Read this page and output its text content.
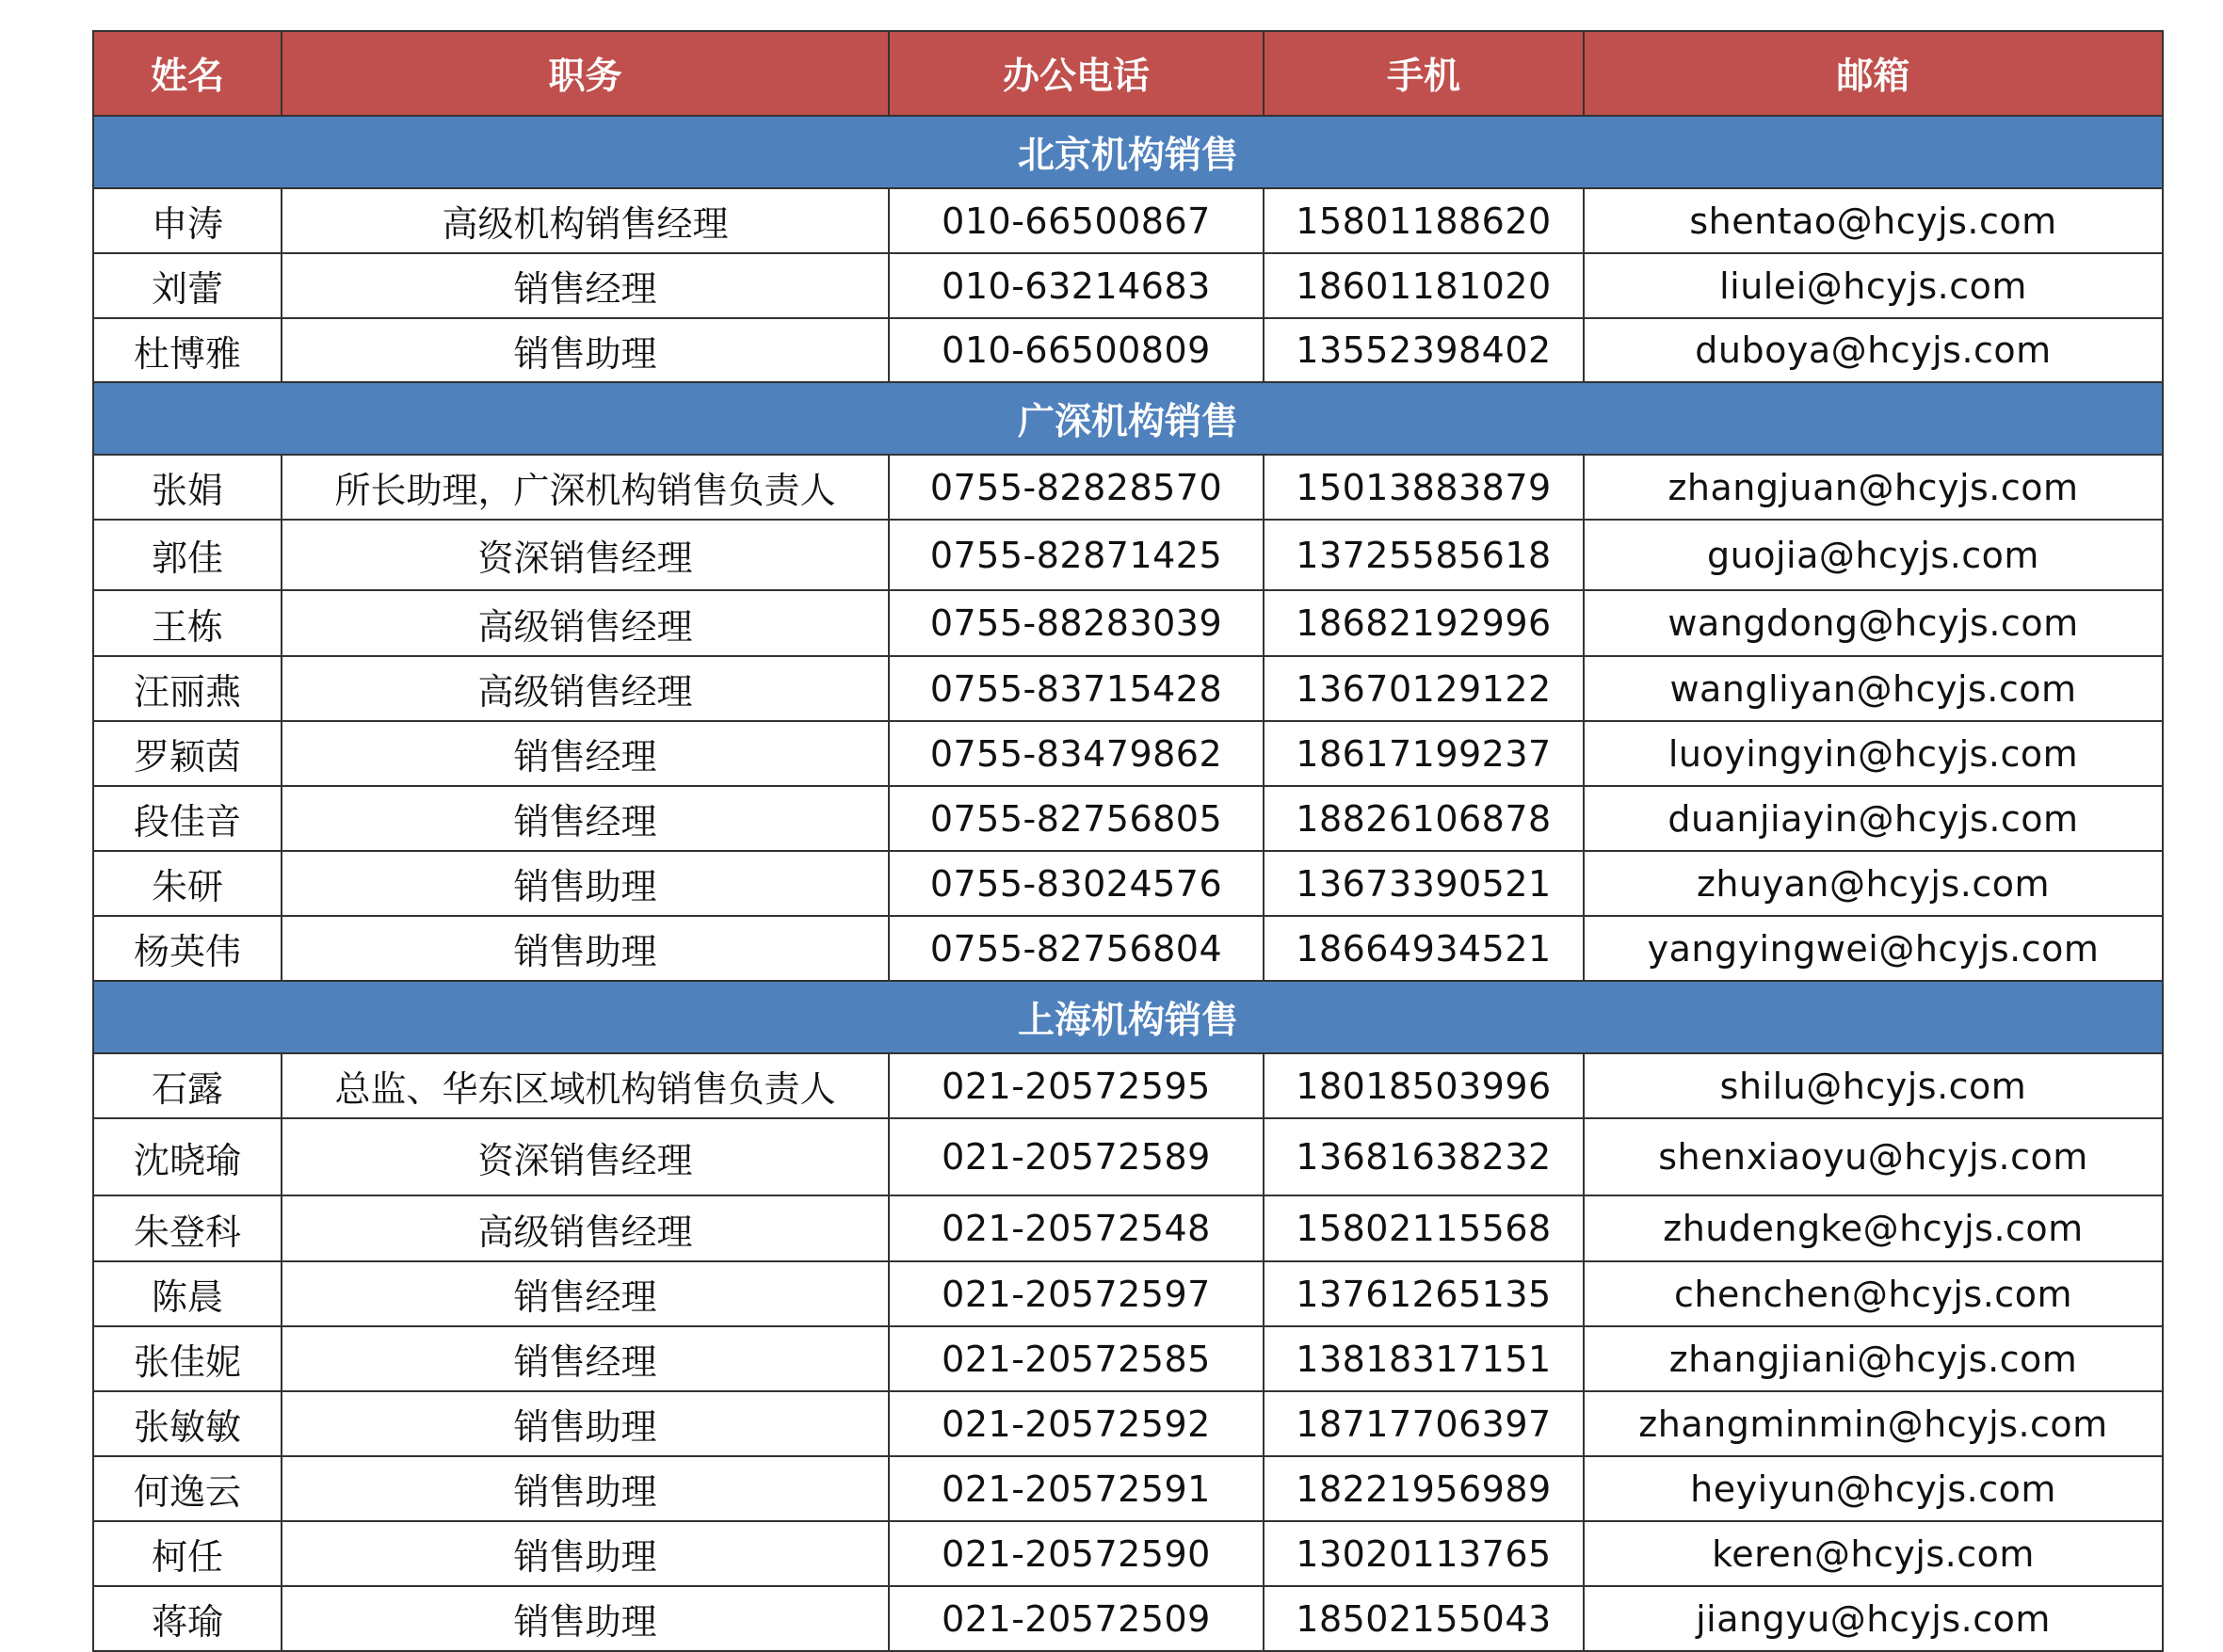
姓名	职务	办公电话	手机	邮箱
北京机构销售				
申涛	高级机构销售经理	010-66500867	15801188620	shentao@hcyjs.com
刘蕾	销售经理	010-63214683	18601181020	liulei@hcyjs.com
杜博雅	销售助理	010-66500809	13552398402	duboya@hcyjs.com
广深机构销售				
张娟	所长助理，广深机构销售负责人	0755-82828570	15013883879	zhangjuan@hcyjs.com
郭佳	资深销售经理	0755-82871425	13725585618	guojia@hcyjs.com
王栋	高级销售经理	0755-88283039	18682192996	wangdong@hcyjs.com
汪丽燕	高级销售经理	0755-83715428	13670129122	wangliyan@hcyjs.com
罗颖茵	销售经理	0755-83479862	18617199237	luoyingyin@hcyjs.com
段佳音	销售经理	0755-82756805	18826106878	duanjiayin@hcyjs.com
朱研	销售助理	0755-83024576	13673390521	zhuyan@hcyjs.com
杨英伟	销售助理	0755-82756804	18664934521	yangyingwei@hcyjs.com
上海机构销售				
石露	总监、华东区域机构销售负责人	021-20572595	18018503996	shilu@hcyjs.com
沈晓瑜	资深销售经理	021-20572589	13681638232	shenxiaoyu@hcyjs.com
朱登科	高级销售经理	021-20572548	15802115568	zhudengke@hcyjs.com
陈晨	销售经理	021-20572597	13761265135	chenchen@hcyjs.com
张佳妮	销售经理	021-20572585	13818317151	zhangjiani@hcyjs.com
张敏敏	销售助理	021-20572592	18717706397	zhangminmin@hcyjs.com
何逸云	销售助理	021-20572591	18221956989	heyiyun@hcyjs.com
柯任	销售助理	021-20572590	13020113765	keren@hcyjs.com
蒋瑜	销售助理	021-20572509	18502155043	jiangyu@hcyjs.com
